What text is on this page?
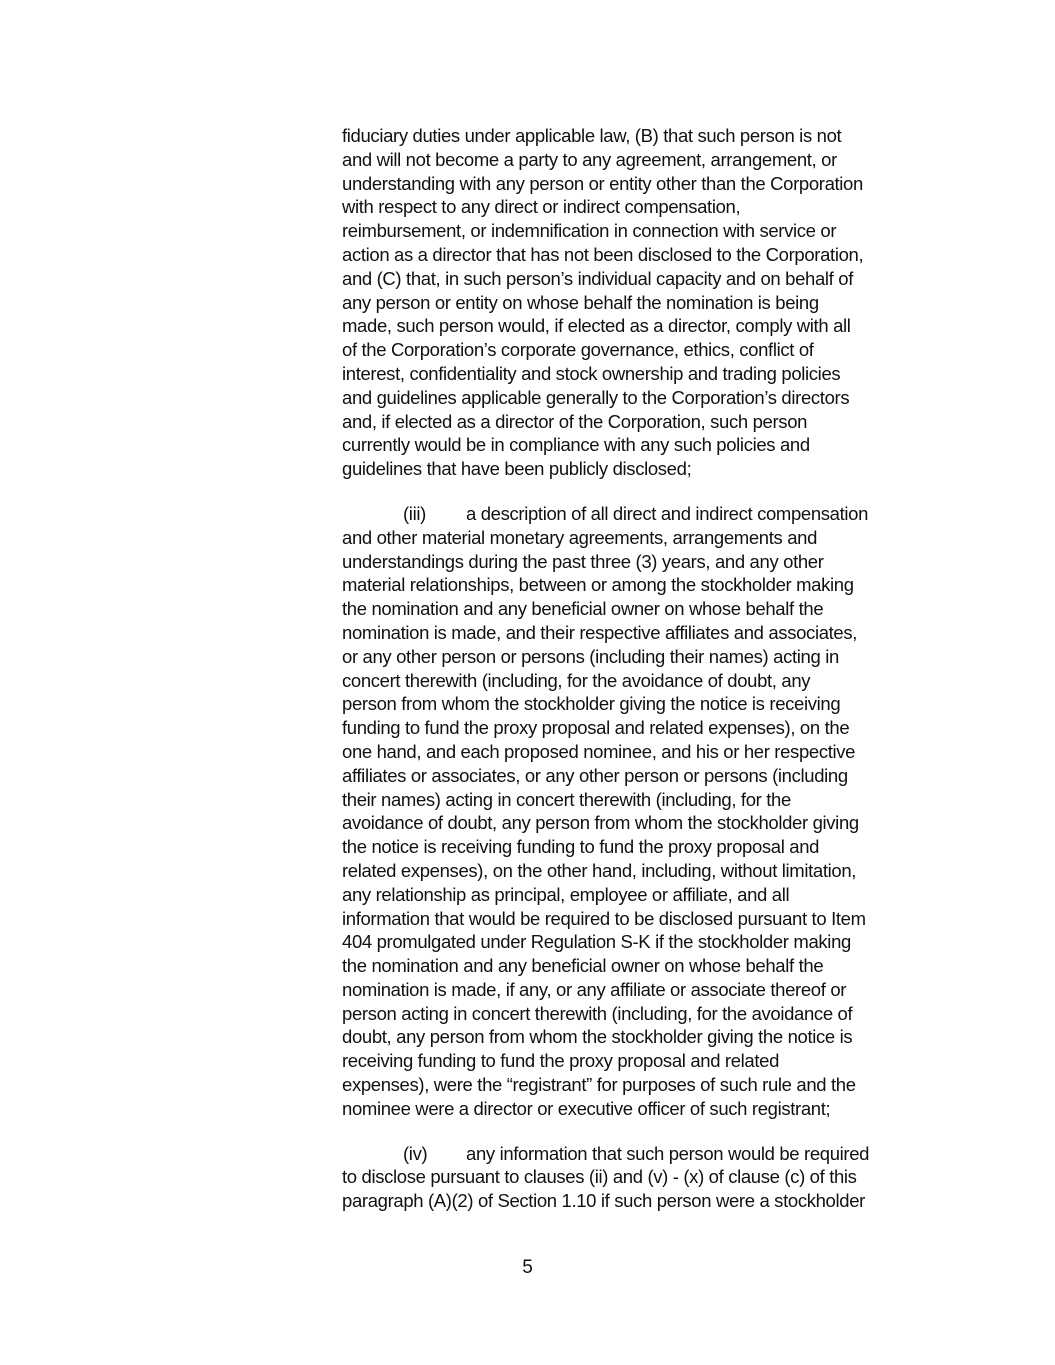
fiduciary duties under applicable law, (B) that such person is not
and will not become a party to any agreement, arrangement, or
understanding with any person or entity other than the Corporation
with respect to any direct or indirect compensation,
reimbursement, or indemnification in connection with service or
action as a director that has not been disclosed to the Corporation,
and (C) that, in such person’s individual capacity and on behalf of
any person or entity on whose behalf the nomination is being
made, such person would, if elected as a director, comply with all
of the Corporation’s corporate governance, ethics, conflict of
interest, confidentiality and stock ownership and trading policies
and guidelines applicable generally to the Corporation’s directors
and, if elected as a director of the Corporation, such person
currently would be in compliance with any such policies and
guidelines that have been publicly disclosed;
(iii) a description of all direct and indirect compensation
and other material monetary agreements, arrangements and
understandings during the past three (3) years, and any other
material relationships, between or among the stockholder making
the nomination and any beneficial owner on whose behalf the
nomination is made, and their respective affiliates and associates,
or any other person or persons (including their names) acting in
concert therewith (including, for the avoidance of doubt, any
person from whom the stockholder giving the notice is receiving
funding to fund the proxy proposal and related expenses), on the
one hand, and each proposed nominee, and his or her respective
affiliates or associates, or any other person or persons (including
their names) acting in concert therewith (including, for the
avoidance of doubt, any person from whom the stockholder giving
the notice is receiving funding to fund the proxy proposal and
related expenses), on the other hand, including, without limitation,
any relationship as principal, employee or affiliate, and all
information that would be required to be disclosed pursuant to Item
404 promulgated under Regulation S-K if the stockholder making
the nomination and any beneficial owner on whose behalf the
nomination is made, if any, or any affiliate or associate thereof or
person acting in concert therewith (including, for the avoidance of
doubt, any person from whom the stockholder giving the notice is
receiving funding to fund the proxy proposal and related
expenses), were the “registrant” for purposes of such rule and the
nominee were a director or executive officer of such registrant;
(iv) any information that such person would be required
to disclose pursuant to clauses (ii) and (v) - (x) of clause (c) of this
paragraph (A)(2) of Section 1.10 if such person were a stockholder
5
